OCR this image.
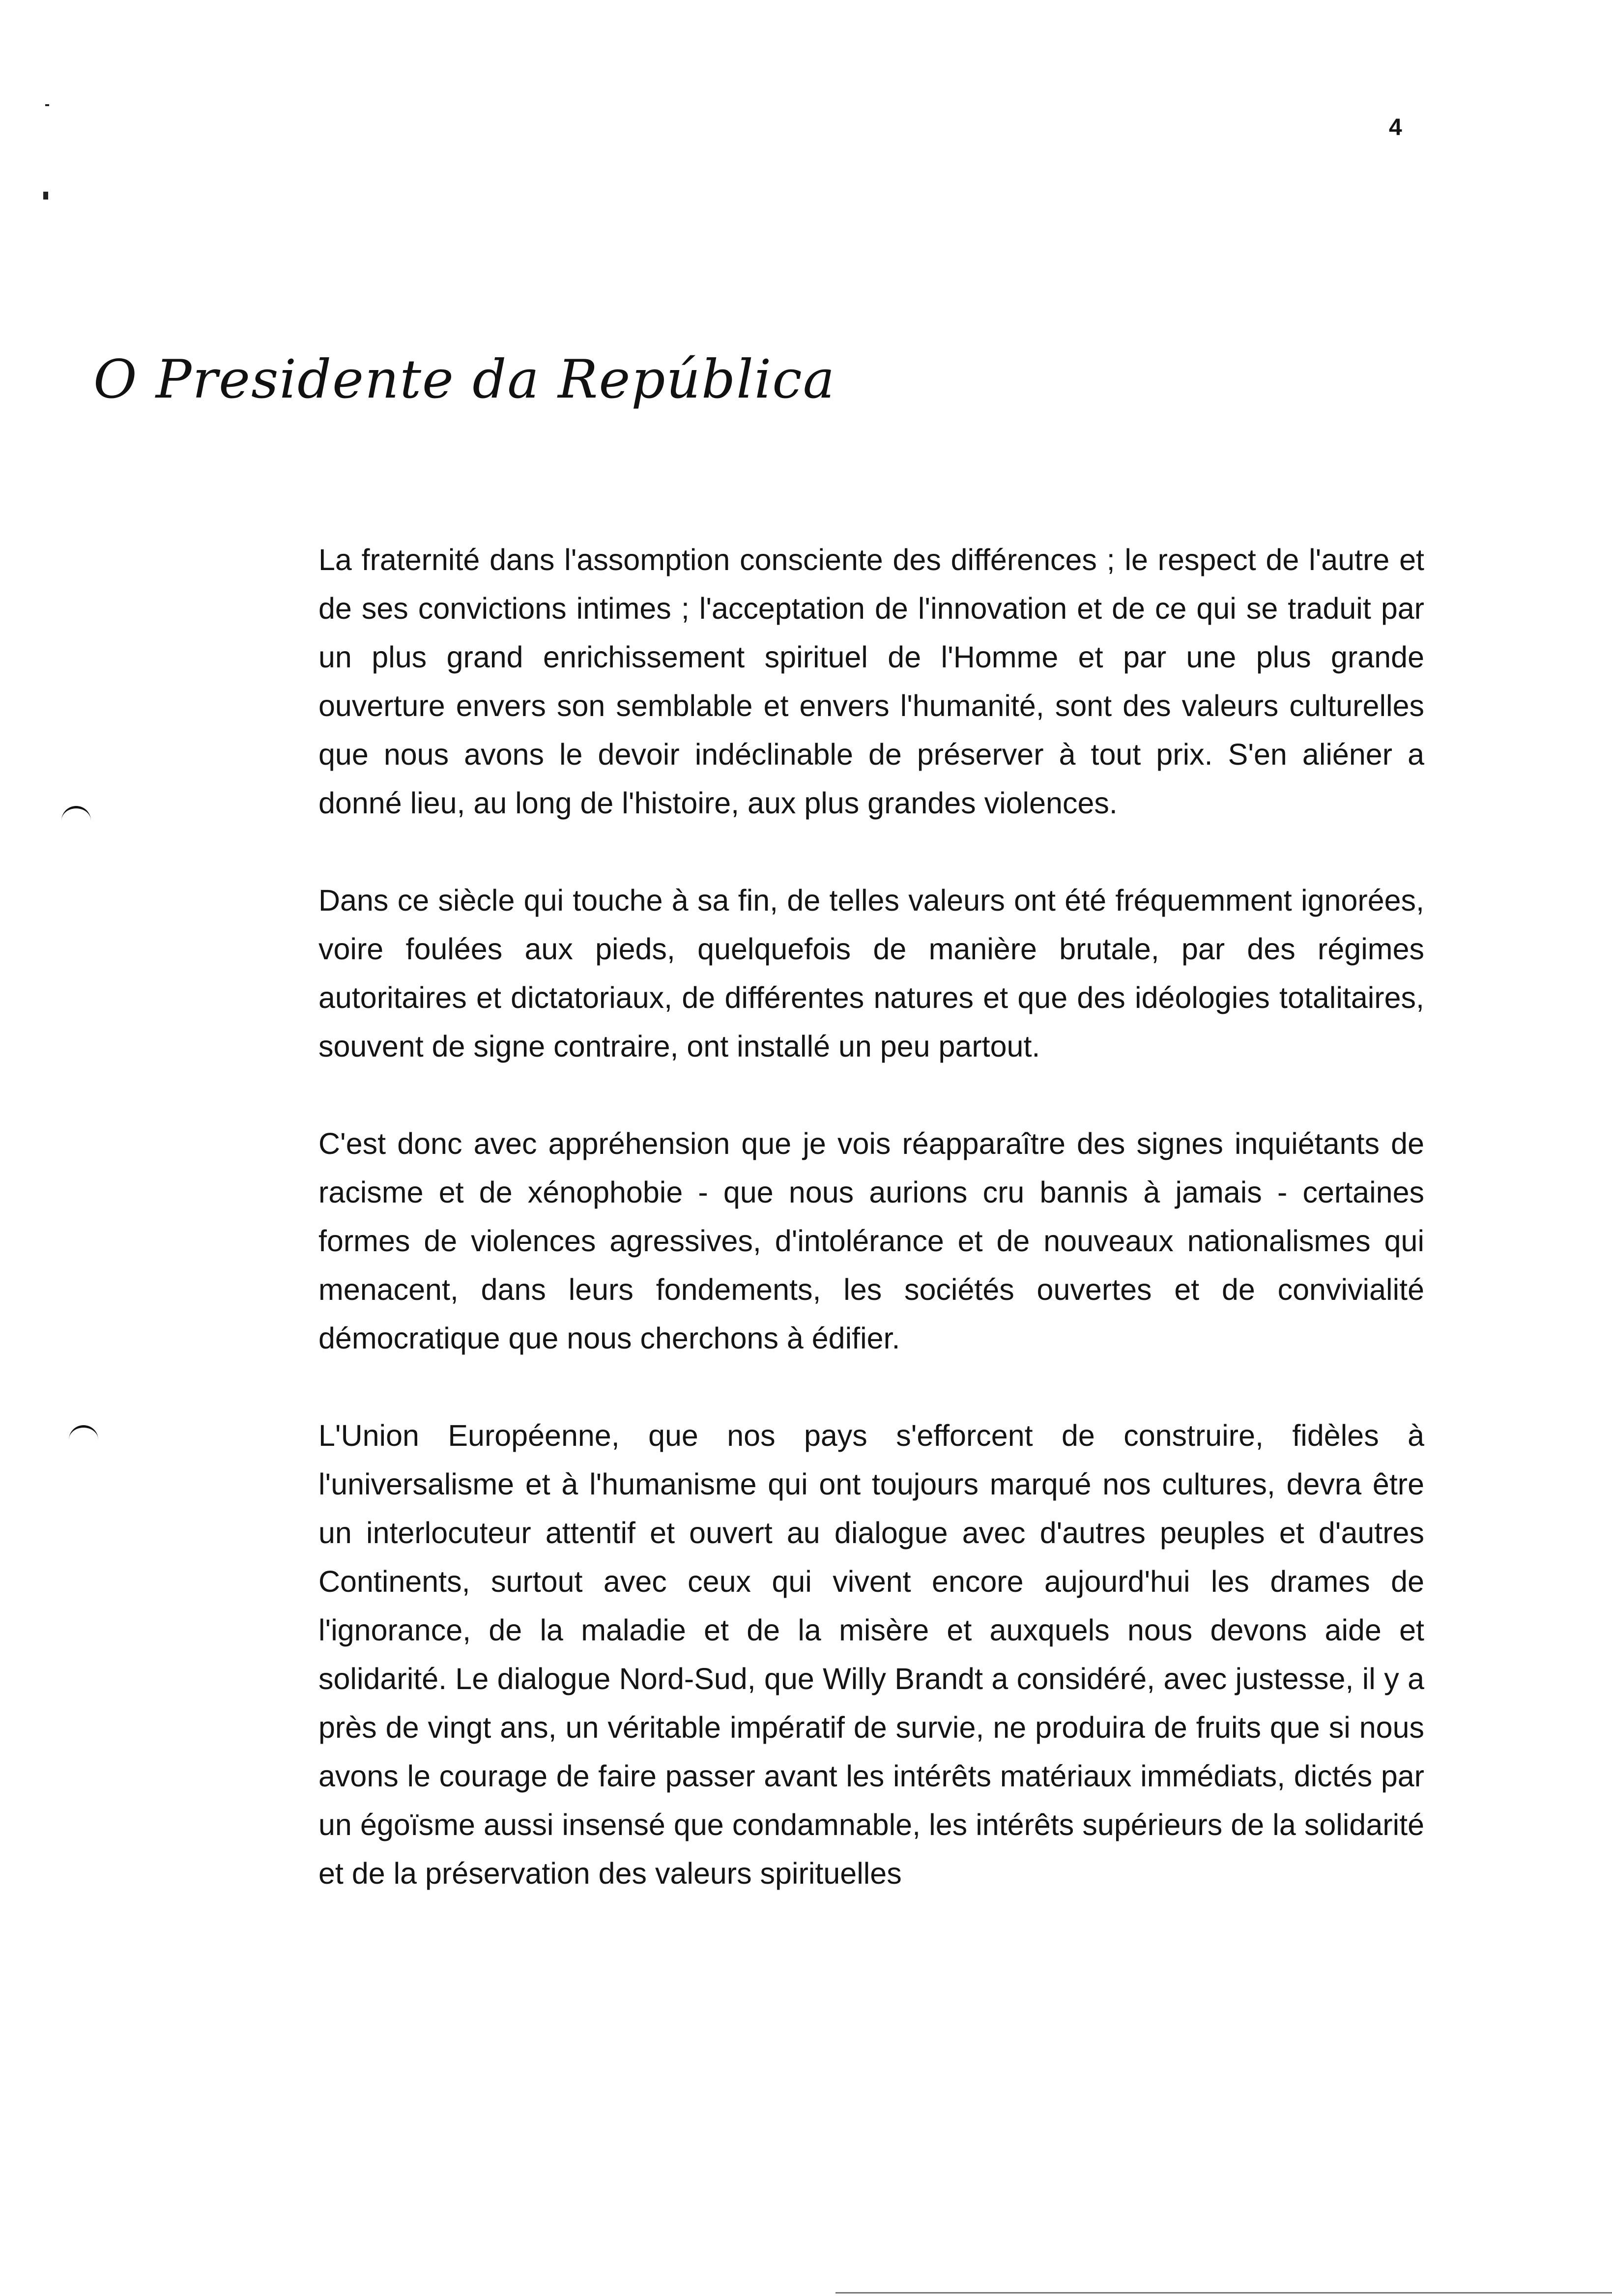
4
O Presidente da República

La fraternité dans l'assomption consciente des différences ; le respect de l'autre et de ses convictions intimes ; l'acceptation de l'innovation et de ce qui se traduit par un plus grand enrichissement spirituel de l'Homme et par une plus grande ouverture envers son semblable et envers l'humanité, sont des valeurs culturelles que nous avons le devoir indéclinable de préserver à tout prix. S'en aliéner a donné lieu, au long de l'histoire, aux plus grandes violences.

Dans ce siècle qui touche à sa fin, de telles valeurs ont été fréquemment ignorées, voire foulées aux pieds, quelquefois de manière brutale, par des régimes autoritaires et dictatoriaux, de différentes natures et que des idéologies totalitaires, souvent de signe contraire, ont installé un peu partout.

C'est donc avec appréhension que je vois réapparaître des signes inquiétants de racisme et de xénophobie - que nous aurions cru bannis à jamais - certaines formes de violences agressives, d'intolérance et de nouveaux nationalismes qui menacent, dans leurs fondements, les sociétés ouvertes et de convivialité démocratique que nous cherchons à édifier.

L'Union Européenne, que nos pays s'efforcent de construire, fidèles à l'universalisme et à l'humanisme qui ont toujours marqué nos cultures, devra être un interlocuteur attentif et ouvert au dialogue avec d'autres peuples et d'autres Continents, surtout avec ceux qui vivent encore aujourd'hui les drames de l'ignorance, de la maladie et de la misère et auxquels nous devons aide et solidarité. Le dialogue Nord-Sud, que Willy Brandt a considéré, avec justesse, il y a près de vingt ans, un véritable impératif de survie, ne produira de fruits que si nous avons le courage de faire passer avant les intérêts matériaux immédiats, dictés par un égoïsme aussi insensé que condamnable, les intérêts supérieurs de la solidarité et de la préservation des valeurs spirituelles
